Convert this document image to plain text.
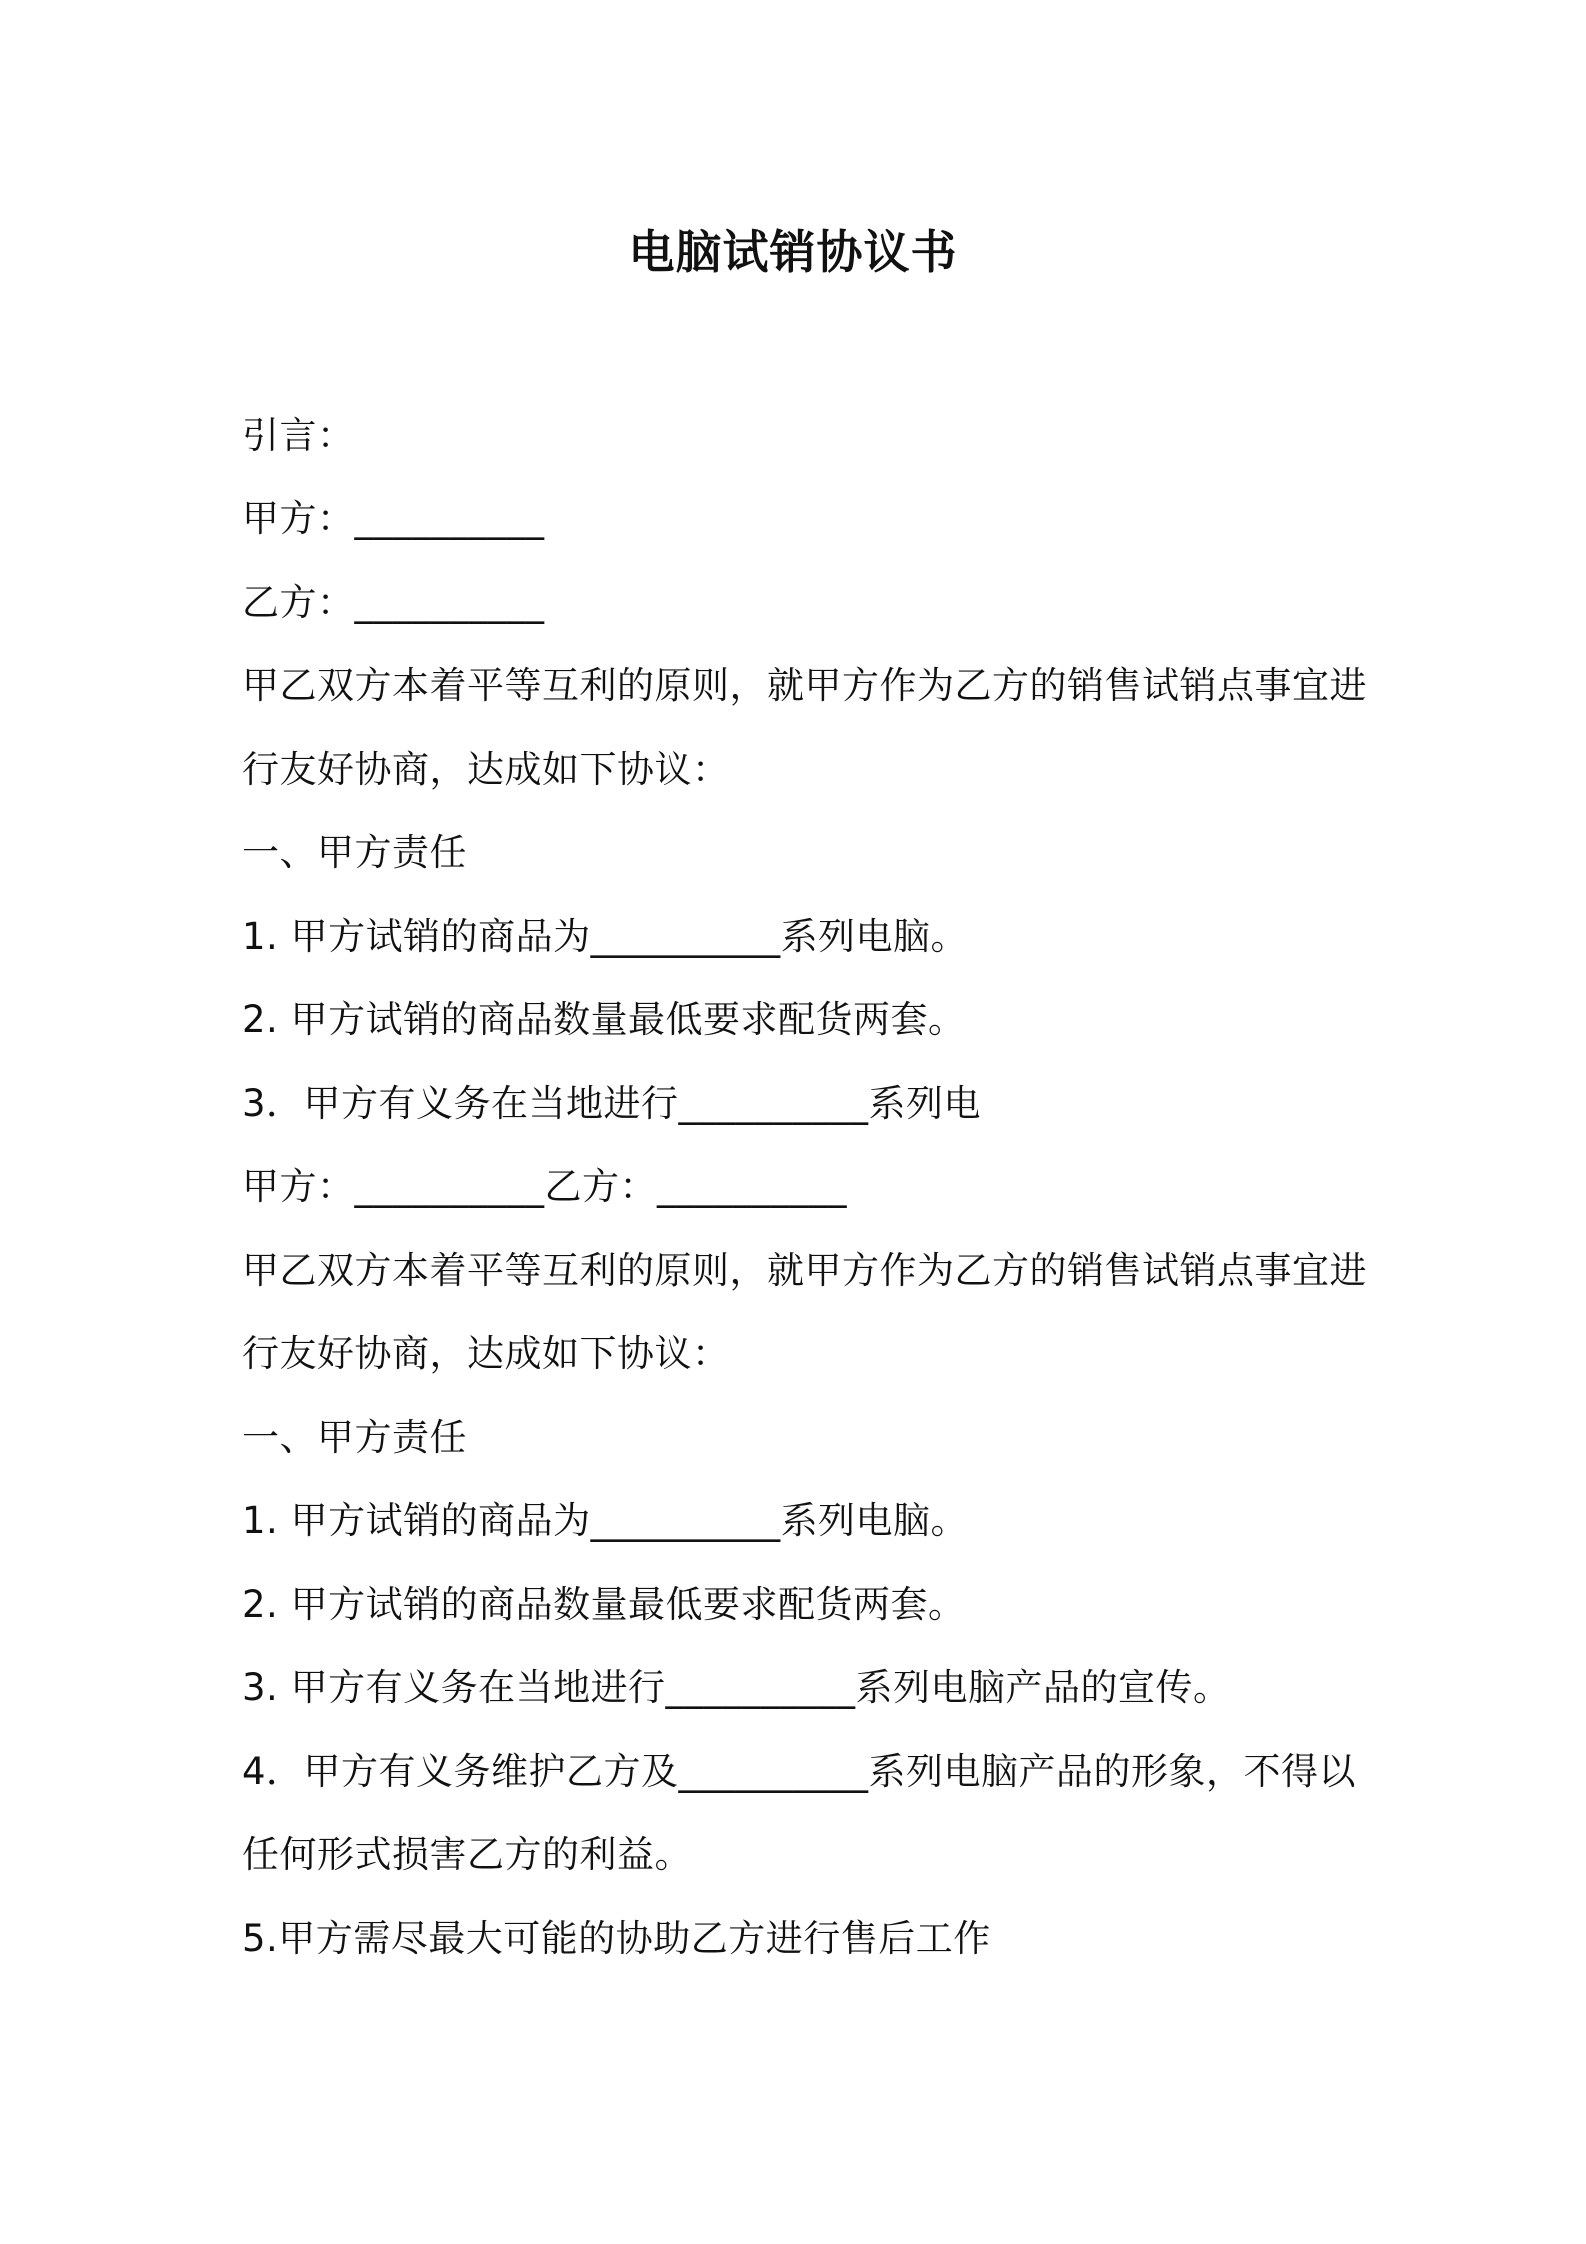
电脑试销协议书
引言：
甲方：__________
乙方：__________
甲乙双方本着平等互利的原则，就甲方作为乙方的销售试销点事宜进
行友好协商，达成如下协议：
一、甲方责任
1. 甲方试销的商品为__________系列电脑。
2. 甲方试销的商品数量最低要求配货两套。
3．甲方有义务在当地进行__________系列电
甲方：__________乙方：__________
甲乙双方本着平等互利的原则，就甲方作为乙方的销售试销点事宜进
行友好协商，达成如下协议：
一、甲方责任
1. 甲方试销的商品为__________系列电脑。
2. 甲方试销的商品数量最低要求配货两套。
3. 甲方有义务在当地进行__________系列电脑产品的宣传。
4．甲方有义务维护乙方及__________系列电脑产品的形象，不得以
任何形式损害乙方的利益。
5.甲方需尽最大可能的协助乙方进行售后工作
